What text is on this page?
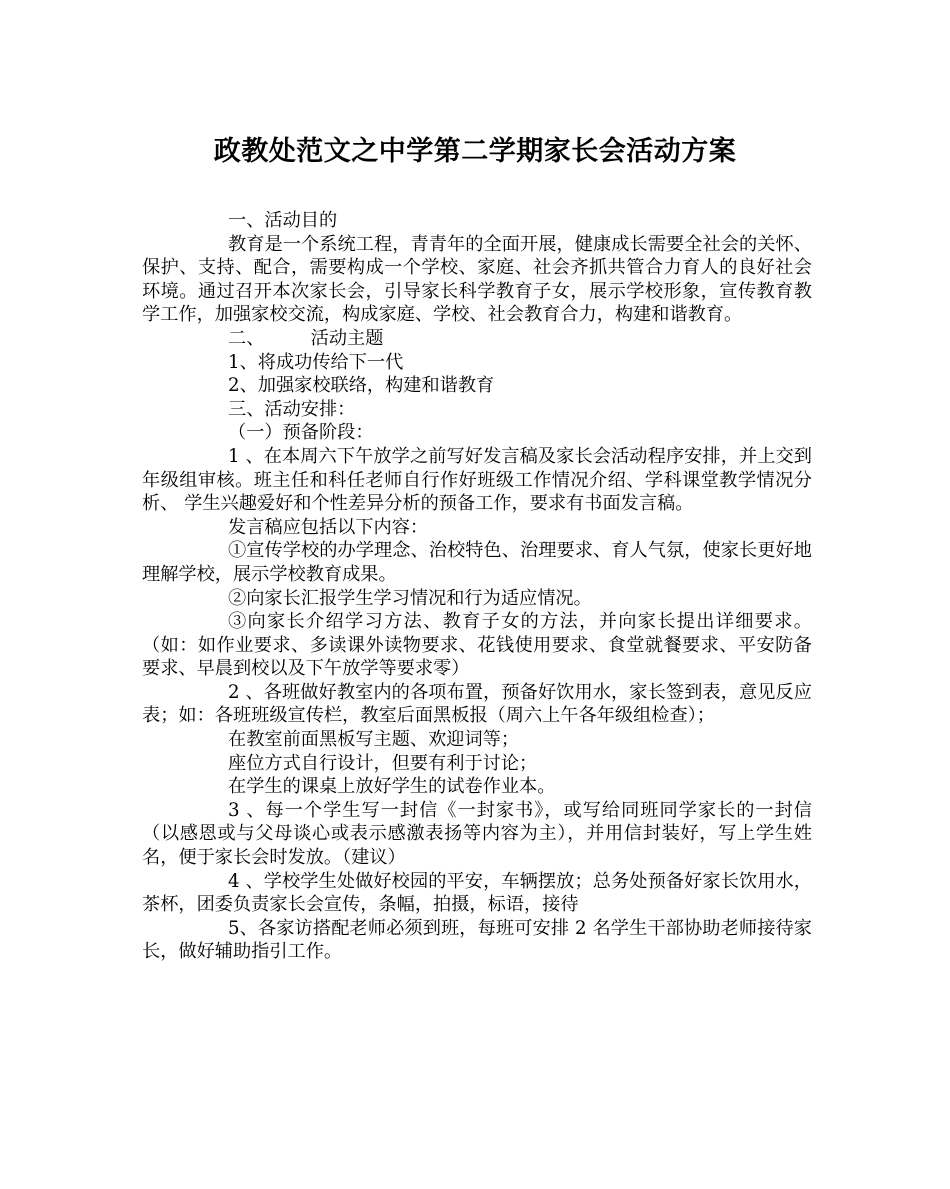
政教处范文之中学第二学期家长会活动方案

一、活动目的

教育是一个系统工程，青青年的全面开展，健康成长需要全社会的关怀、保护、支持、配合，需要构成一个学校、家庭、社会齐抓共管合力育人的良好社会环境。通过召开本次家长会，引导家长科学教育子女，展示学校形象，宣传教育教学工作，加强家校交流，构成家庭、学校、社会教育合力，构建和谐教育。

二、        活动主题

1、将成功传给下一代

2、加强家校联络，构建和谐教育

三、活动安排：

（一）预备阶段：

1 、在本周六下午放学之前写好发言稿及家长会活动程序安排，并上交到年级组审核。班主任和科任老师自行作好班级工作情况介绍、学科课堂教学情况分析、 学生兴趣爱好和个性差异分析的预备工作，要求有书面发言稿。

发言稿应包括以下内容：

①宣传学校的办学理念、治校特色、治理要求、育人气氛，使家长更好地理解学校，展示学校教育成果。

②向家长汇报学生学习情况和行为适应情况。

③向家长介绍学习方法、教育子女的方法，并向家长提出详细要求。（如：如作业要求、多读课外读物要求、花钱使用要求、食堂就餐要求、平安防备要求、早晨到校以及下午放学等要求零）

2 、各班做好教室内的各项布置，预备好饮用水，家长签到表，意见反应表；如：各班班级宣传栏，教室后面黑板报（周六上午各年级组检查）；

在教室前面黑板写主题、欢迎词等；

座位方式自行设计，但要有利于讨论；

在学生的课桌上放好学生的试卷作业本。

3 、每一个学生写一封信《一封家书》，或写给同班同学家长的一封信（以感恩或与父母谈心或表示感激表扬等内容为主），并用信封装好，写上学生姓名，便于家长会时发放。（建议）

4 、学校学生处做好校园的平安，车辆摆放；总务处预备好家长饮用水，茶杯，团委负责家长会宣传，条幅，拍摄，标语，接待

5、各家访搭配老师必须到班，每班可安排 2 名学生干部协助老师接待家长，做好辅助指引工作。
